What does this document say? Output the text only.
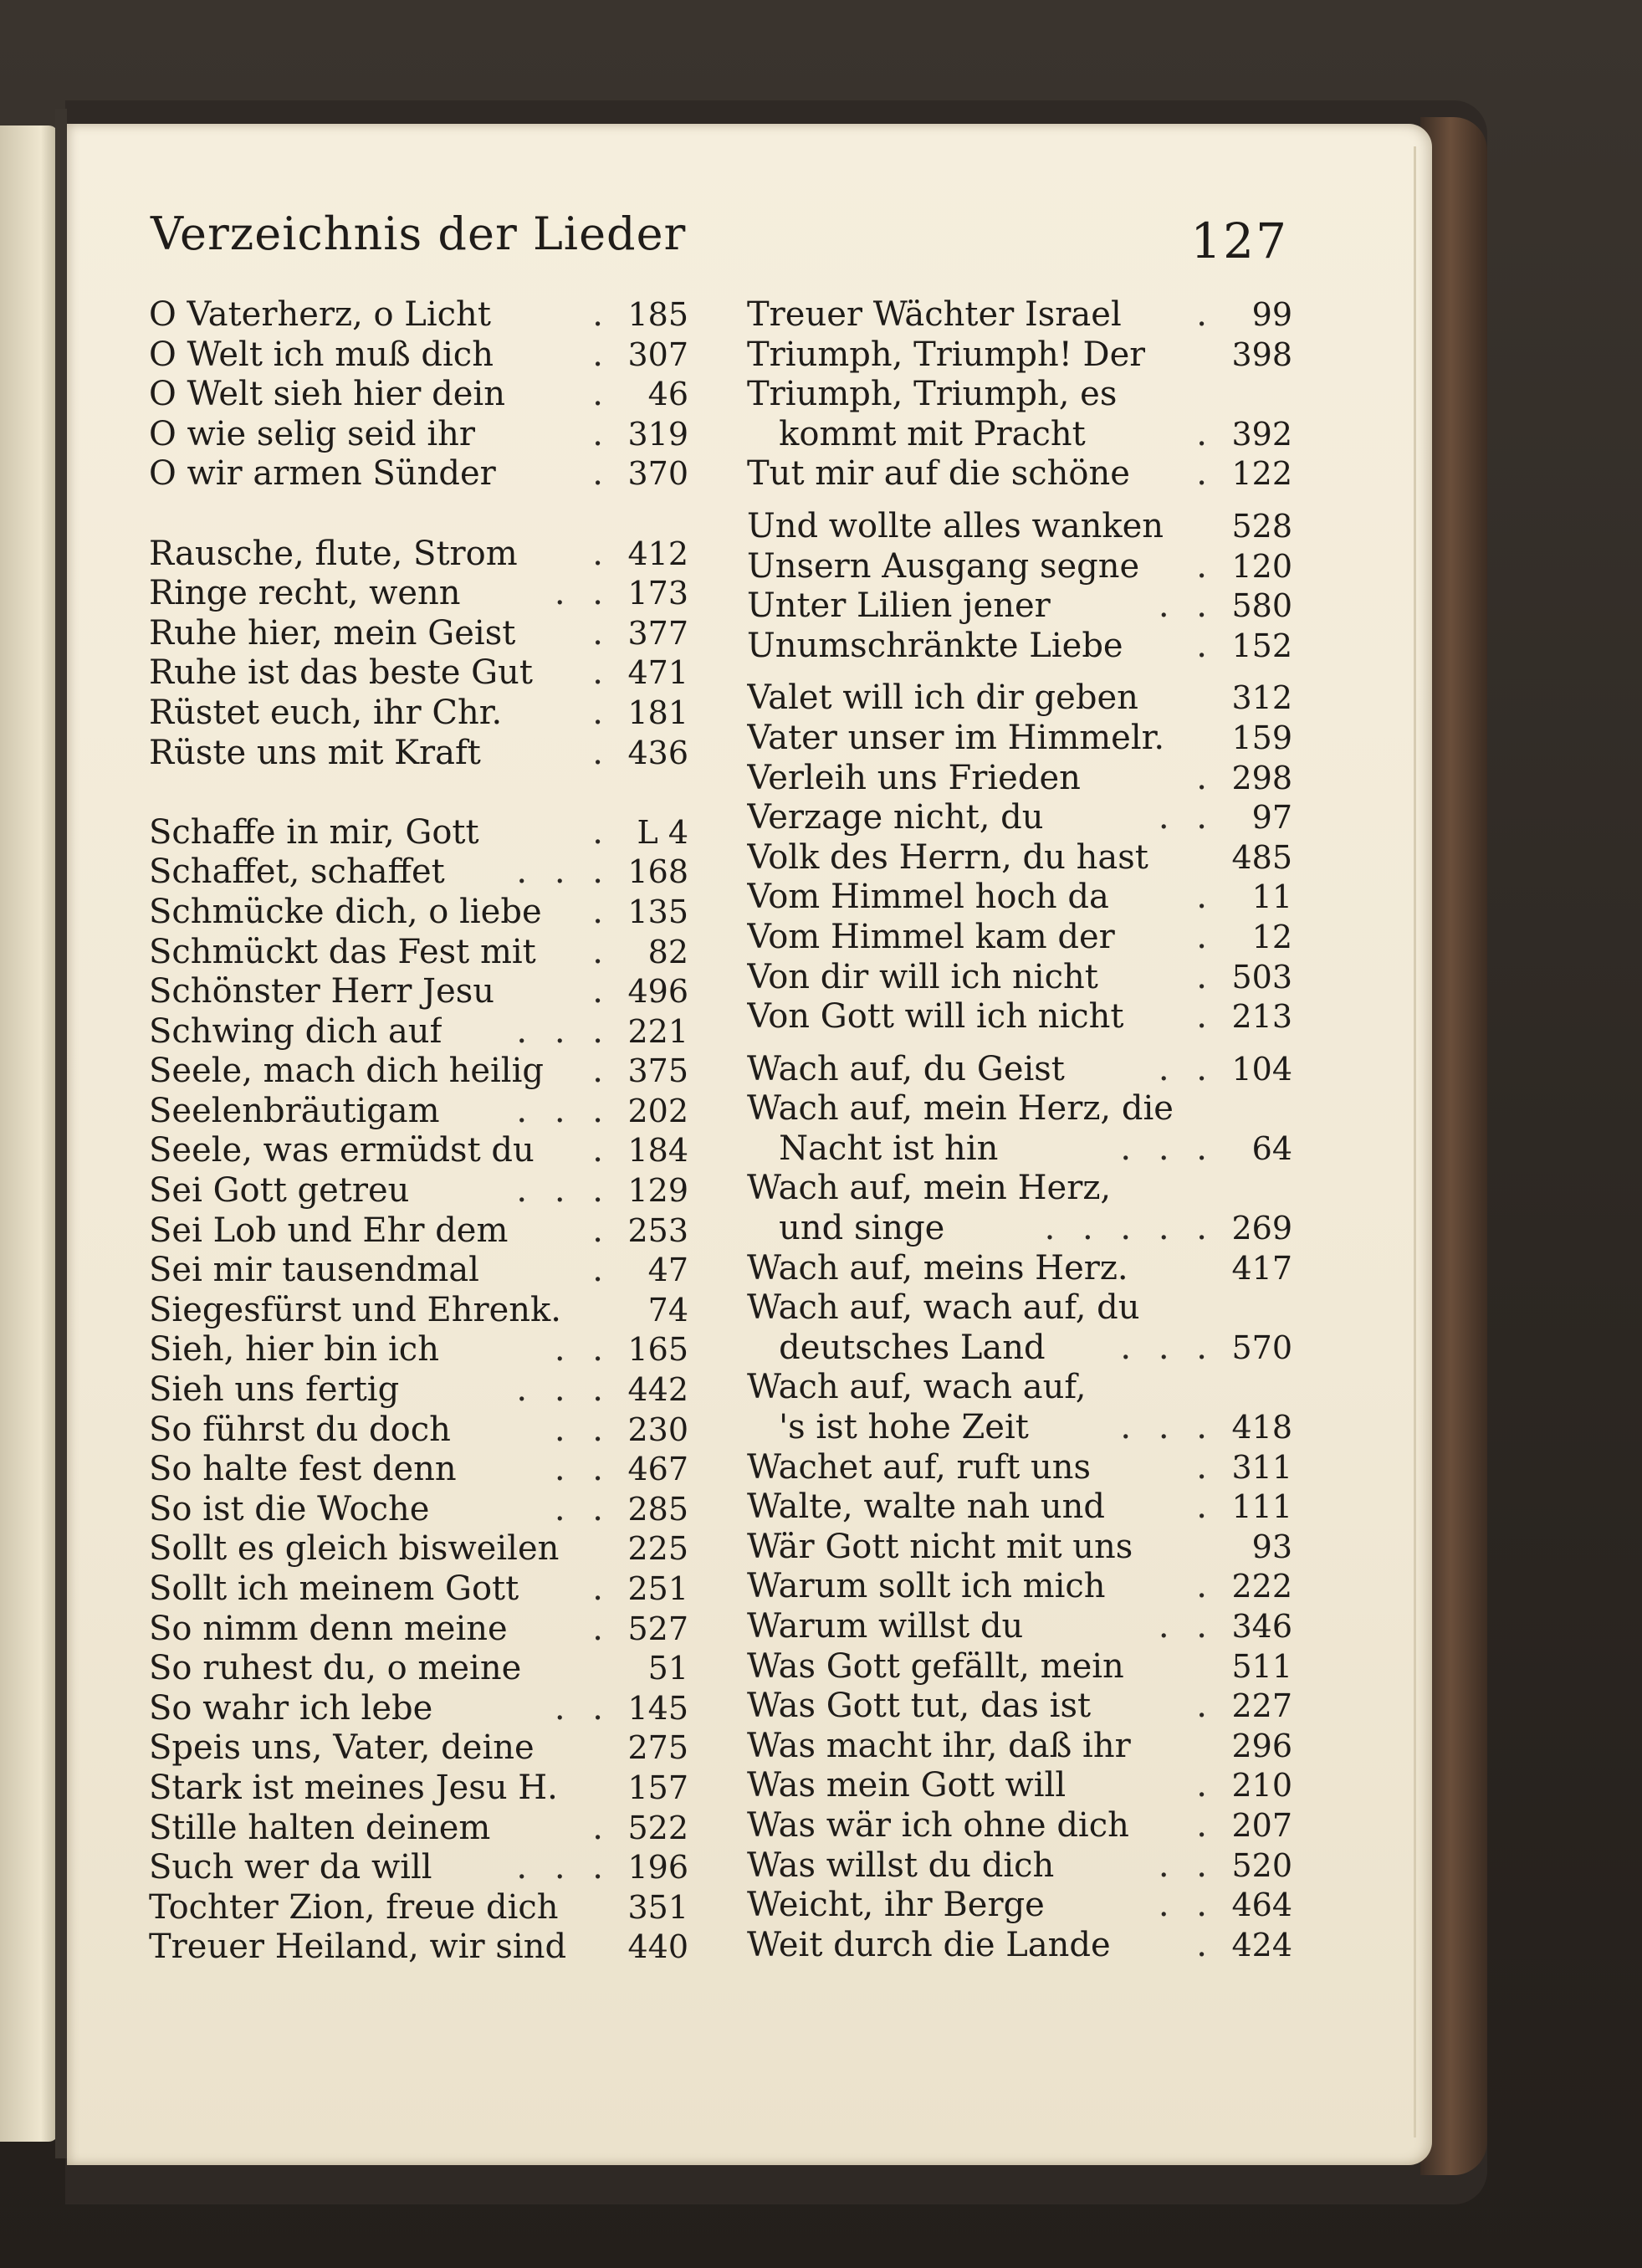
Verzeichnis der Lieder	127
O Vaterherz, o Licht	. 185
O Welt ich muß dich	. 307
O Welt sieh hier dein	.	46
O wie selig seid ihr	. 319
O wir armen Sünder	. 370
Rausche, flute, Strom	. 412
Ringe recht, wenn	. . 173
Ruhe hier, mein Geist	. 377
Ruhe ist das beste Gut	. 471
Rüstet euch, ihr Chr.	. 181
Rüste uns mit Kraft	. 436
Schaffe in mir, Gott	. L 4
Schaffet, schaffet	. . . 168
Schmücke dich, o liebe	. 135
Schmückt das Fest mit	.	82
Schönster Herr Jesu	. 496
Schwing dich auf	. . . 221
Seele, mach dich heilig	. 375
Seelenbräutigam	. . . 202
Seele, was ermüdst du	. 184
Sei Gott getreu	. . . 129
Sei Lob und Ehr dem	. 253
Sei mir tausendmal	.	47
Siegesfürst und Ehrenk.	74
Sieh, hier bin ich	. . 165
Sieh uns fertig	. . . 442
So führst du doch	. . 230
So halte fest denn	. . 467
So ist die Woche	. . 285
Sollt es gleich bisweilen	225
Sollt ich meinem Gott	. 251
So nimm denn meine	. 527
So ruhest du, o meine	51
So wahr ich lebe	. . 145
Speis uns, Vater, deine	275
Stark ist meines Jesu H.	157
Stille halten deinem	. 522
Such wer da will	. . . 196
Tochter Zion, freue dich	351
Treuer Heiland, wir sind	440
Treuer Wächter Israel	.	99
Triumph, Triumph! Der	398
Triumph, Triumph, es
kommt mit Pracht	. 392
Tut mir auf die schöne	. 122
Und wollte alles wanken	528
Unsern Ausgang segne	. 120
Unter Lilien jener	. . 580
Unumschränkte Liebe	. 152
Valet will ich dir geben	312
Vater unser im Himmelr.	159
Verleih uns Frieden	. 298
Verzage nicht, du	. .	97
Volk des Herrn, du hast	485
Vom Himmel hoch da	.	11
Vom Himmel kam der	.	12
Von dir will ich nicht	. 503
Von Gott will ich nicht	. 213
Wach auf, du Geist	. . 104
Wach auf, mein Herz, die
Nacht ist hin	. . .	64
Wach auf, mein Herz,
und singe	. . . . . 269
Wach auf, meins Herz.	417
Wach auf, wach auf, du
deutsches Land	. . . 570
Wach auf, wach auf,
's ist hohe Zeit	. . . 418
Wachet auf, ruft uns	. 311
Walte, walte nah und	. 111
Wär Gott nicht mit uns	93
Warum sollt ich mich	. 222
Warum willst du	. . 346
Was Gott gefällt, mein	511
Was Gott tut, das ist	. 227
Was macht ihr, daß ihr	296
Was mein Gott will	. 210
Was wär ich ohne dich	. 207
Was willst du dich	. . 520
Weicht, ihr Berge	. . 464
Weit durch die Lande	. 424
